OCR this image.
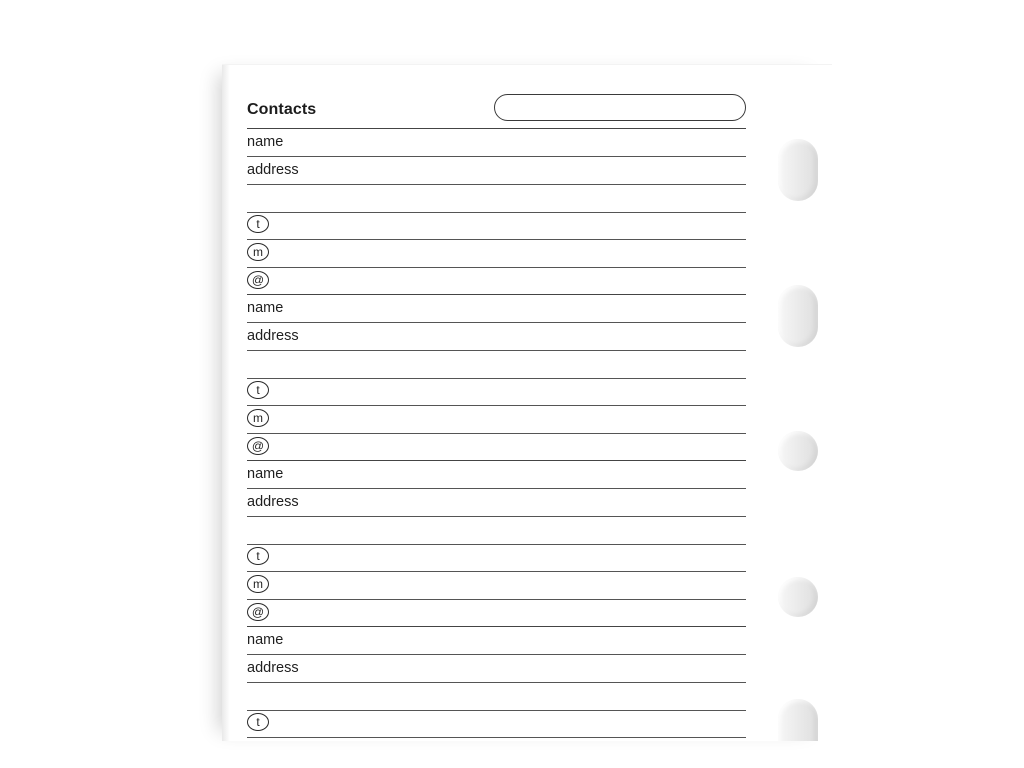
Contacts
name
address
t
m
@
name
address
t
m
@
name
address
t
m
@
name
address
t
